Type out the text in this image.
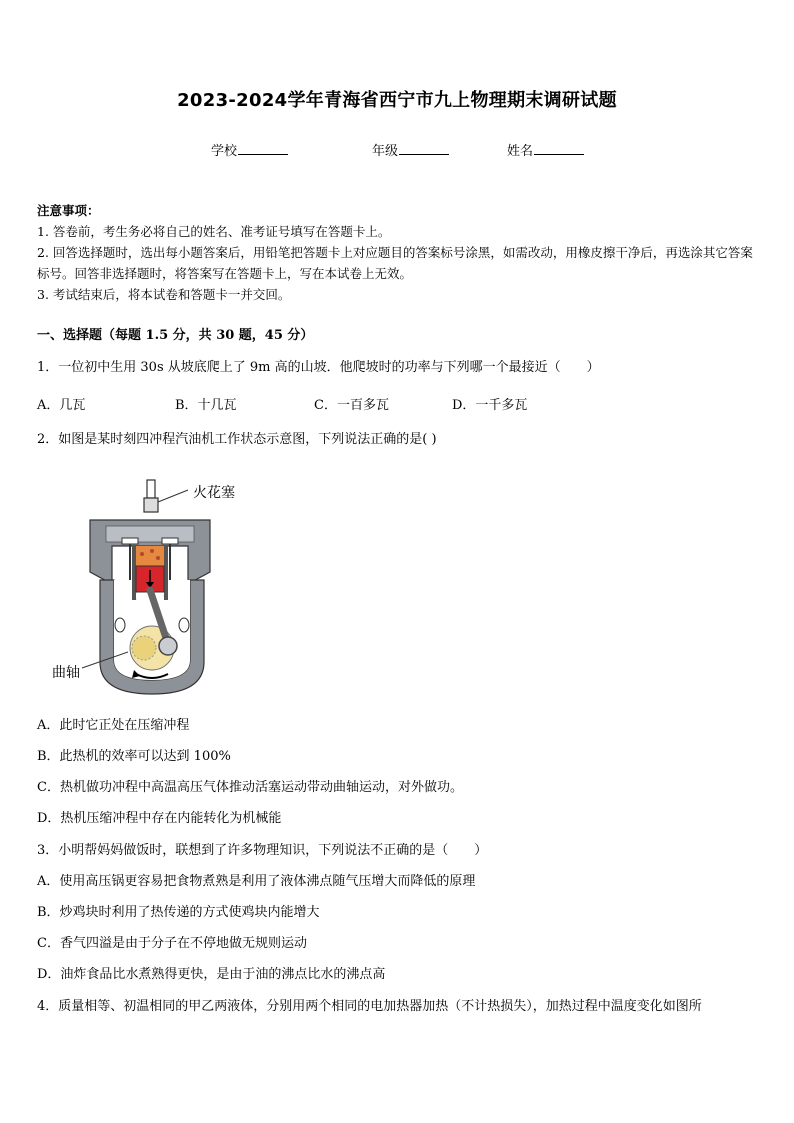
2023-2024学年青海省西宁市九上物理期末调研试题
学校	年级	姓名
注意事项：
1. 答卷前，考生务必将自己的姓名、准考证号填写在答题卡上。
2. 回答选择题时，选出每小题答案后，用铅笔把答题卡上对应题目的答案标号涂黑，如需改动，用橡皮擦干净后，再选涂其它答案标号。回答非选择题时，将答案写在答题卡上，写在本试卷上无效。
3. 考试结束后，将本试卷和答题卡一并交回。
一、选择题（每题 1.5 分，共 30 题，45 分）
1．一位初中生用 30s 从坡底爬上了 9m 高的山坡．他爬坡时的功率与下列哪一个最接近（　　）
A．几瓦	B．十几瓦	C．一百多瓦	D．一千多瓦
2．如图是某时刻四冲程汽油机工作状态示意图，下列说法正确的是( )
火花塞
曲轴
A．此时它正处在压缩冲程
B．此热机的效率可以达到 100%
C．热机做功冲程中高温高压气体推动活塞运动带动曲轴运动，对外做功。
D．热机压缩冲程中存在内能转化为机械能
3．小明帮妈妈做饭时，联想到了许多物理知识，下列说法不正确的是（　　）
A．使用高压锅更容易把食物煮熟是利用了液体沸点随气压增大而降低的原理
B．炒鸡块时利用了热传递的方式使鸡块内能增大
C．香气四溢是由于分子在不停地做无规则运动
D．油炸食品比水煮熟得更快，是由于油的沸点比水的沸点高
4．质量相等、初温相同的甲乙两液体，分别用两个相同的电加热器加热（不计热损失），加热过程中温度变化如图所
